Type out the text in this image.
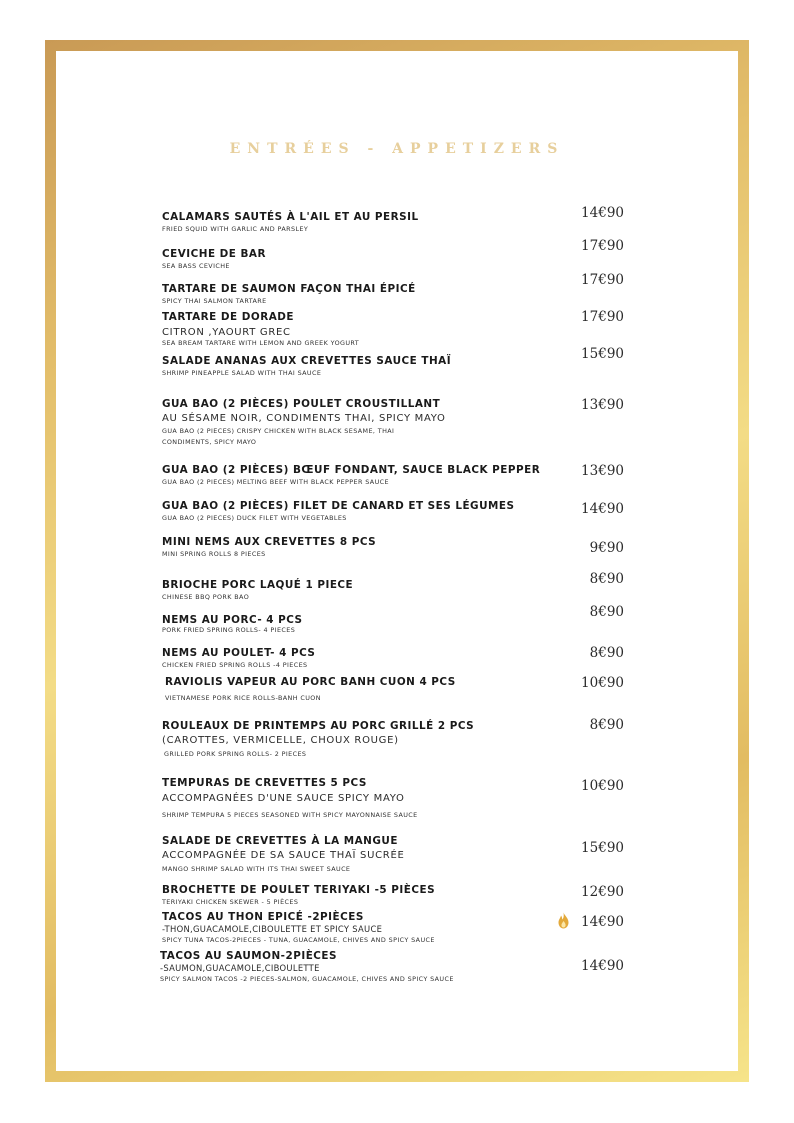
ENTRÉES - APPETIZERS
CALAMARS SAUTÉS À L'AIL ET AU PERSIL
FRIED SQUID WITH GARLIC AND PARSLEY
14€90
CEVICHE DE BAR
SEA BASS CEVICHE
17€90
TARTARE DE SAUMON FAÇON THAI ÉPICÉ
SPICY THAI SALMON TARTARE
17€90
TARTARE DE DORADE
CITRON ,YAOURT GREC
SEA BREAM TARTARE WITH LEMON AND GREEK YOGURT
17€90
SALADE ANANAS AUX CREVETTES SAUCE THAÏ
SHRIMP PINEAPPLE SALAD WITH THAI SAUCE
15€90
GUA BAO (2 PIÈCES) POULET CROUSTILLANT
AU SÉSAME NOIR, CONDIMENTS THAI, SPICY MAYO
GUA BAO (2 PIECES) CRISPY CHICKEN WITH BLACK SESAME, THAI
CONDIMENTS, SPICY MAYO
13€90
GUA BAO (2 PIÈCES) BŒUF FONDANT, SAUCE BLACK PEPPER
GUA BAO (2 PIECES) MELTING BEEF WITH BLACK PEPPER SAUCE
13€90
GUA BAO (2 PIÈCES) FILET DE CANARD ET SES LÉGUMES
GUA BAO (2 PIECES) DUCK FILET WITH VEGETABLES
14€90
MINI NEMS AUX CREVETTES 8 PCS
MINI SPRING ROLLS 8 PIECES	9€90
BRIOCHE PORC LAQUÉ 1 PIECE
CHINESE BBQ PORK BAO
8€90
NEMS AU PORC- 4 PCS
PORK FRIED SPRING ROLLS- 4 PIECES
8€90
NEMS AU POULET- 4 PCS
CHICKEN FRIED SPRING ROLLS -4 PIECES
8€90
RAVIOLIS VAPEUR AU PORC BANH CUON 4 PCS
VIETNAMESE PORK RICE ROLLS-BANH CUON
10€90
ROULEAUX DE PRINTEMPS AU PORC GRILLÉ 2 PCS
(CAROTTES, VERMICELLE, CHOUX ROUGE)
GRILLED PORK SPRING ROLLS- 2 PIECES
8€90
TEMPURAS DE CREVETTES 5 PCS
ACCOMPAGNÉES D'UNE SAUCE SPICY MAYO
SHRIMP TEMPURA 5 PIECES SEASONED WITH SPICY MAYONNAISE SAUCE
10€90
SALADE DE CREVETTES À LA MANGUE
ACCOMPAGNÉE DE SA SAUCE THAÏ SUCRÉE
MANGO SHRIMP SALAD WITH ITS THAI SWEET SAUCE
15€90
BROCHETTE DE POULET TERIYAKI -5 PIÈCES
TERIYAKI CHICKEN SKEWER - 5 PIÈCES
12€90
TACOS AU THON EPICÉ -2PIÈCES
-THON,GUACAMOLE,CIBOULETTE ET SPICY SAUCE
SPICY TUNA TACOS-2PIECES - TUNA, GUACAMOLE, CHIVES AND SPICY SAUCE
14€90
TACOS AU SAUMON-2PIÈCES
-SAUMON,GUACAMOLE,CIBOULETTE
SPICY SALMON TACOS -2 PIECES-SALMON, GUACAMOLE, CHIVES AND SPICY SAUCE
14€90
